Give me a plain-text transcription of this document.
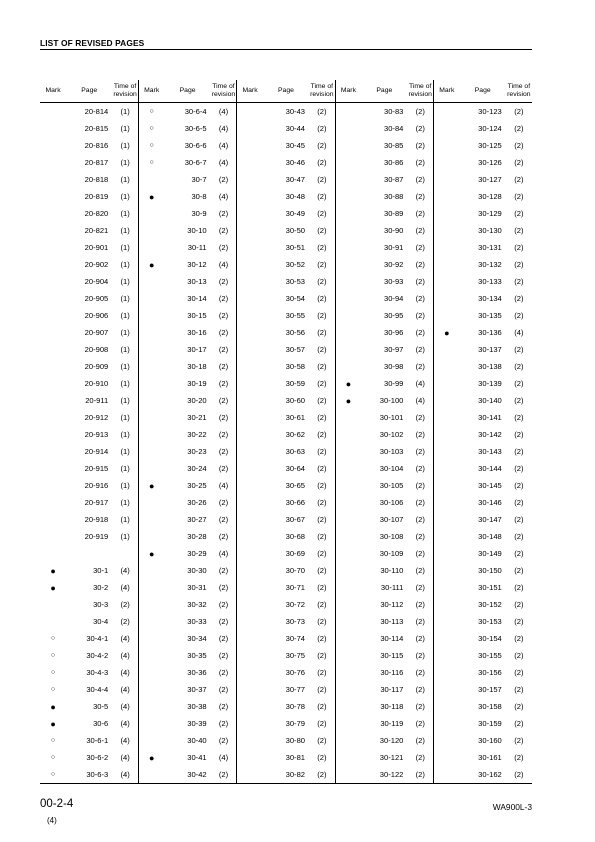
LIST OF REVISED PAGES
Mark	Page	Time of
revision	Mark	Page	Time of
revision	Mark	Page	Time of
revision	Mark	Page	Time of
revision	Mark	Page	Time of
revision
	20-814	(1)	○	30-6-4	(4)		30-43	(2)		30-83	(2)		30-123	(2)
	20-815	(1)	○	30-6-5	(4)		30-44	(2)		30-84	(2)		30-124	(2)
	20-816	(1)	○	30-6-6	(4)		30-45	(2)		30-85	(2)		30-125	(2)
	20-817	(1)	○	30-6-7	(4)		30-46	(2)		30-86	(2)		30-126	(2)
	20-818	(1)		30-7	(2)		30-47	(2)		30-87	(2)		30-127	(2)
	20-819	(1)	●	30-8	(4)		30-48	(2)		30-88	(2)		30-128	(2)
	20-820	(1)		30-9	(2)		30-49	(2)		30-89	(2)		30-129	(2)
	20-821	(1)		30-10	(2)		30-50	(2)		30-90	(2)		30-130	(2)
	20-901	(1)		30-11	(2)		30-51	(2)		30-91	(2)		30-131	(2)
	20-902	(1)	●	30-12	(4)		30-52	(2)		30-92	(2)		30-132	(2)
	20-904	(1)		30-13	(2)		30-53	(2)		30-93	(2)		30-133	(2)
	20-905	(1)		30-14	(2)		30-54	(2)		30-94	(2)		30-134	(2)
	20-906	(1)		30-15	(2)		30-55	(2)		30-95	(2)		30-135	(2)
	20-907	(1)		30-16	(2)		30-56	(2)		30-96	(2)	●	30-136	(4)
	20-908	(1)		30-17	(2)		30-57	(2)		30-97	(2)		30-137	(2)
	20-909	(1)		30-18	(2)		30-58	(2)		30-98	(2)		30-138	(2)
	20-910	(1)		30-19	(2)		30-59	(2)	●	30-99	(4)		30-139	(2)
	20-911	(1)		30-20	(2)		30-60	(2)	●	30-100	(4)		30-140	(2)
	20-912	(1)		30-21	(2)		30-61	(2)		30-101	(2)		30-141	(2)
	20-913	(1)		30-22	(2)		30-62	(2)		30-102	(2)		30-142	(2)
	20-914	(1)		30-23	(2)		30-63	(2)		30-103	(2)		30-143	(2)
	20-915	(1)		30-24	(2)		30-64	(2)		30-104	(2)		30-144	(2)
	20-916	(1)	●	30-25	(4)		30-65	(2)		30-105	(2)		30-145	(2)
	20-917	(1)		30-26	(2)		30-66	(2)		30-106	(2)		30-146	(2)
	20-918	(1)		30-27	(2)		30-67	(2)		30-107	(2)		30-147	(2)
	20-919	(1)		30-28	(2)		30-68	(2)		30-108	(2)		30-148	(2)
			●	30-29	(4)		30-69	(2)		30-109	(2)		30-149	(2)
●	30-1	(4)		30-30	(2)		30-70	(2)		30-110	(2)		30-150	(2)
●	30-2	(4)		30-31	(2)		30-71	(2)		30-111	(2)		30-151	(2)
	30-3	(2)		30-32	(2)		30-72	(2)		30-112	(2)		30-152	(2)
	30-4	(2)		30-33	(2)		30-73	(2)		30-113	(2)		30-153	(2)
○	30-4-1	(4)		30-34	(2)		30-74	(2)		30-114	(2)		30-154	(2)
○	30-4-2	(4)		30-35	(2)		30-75	(2)		30-115	(2)		30-155	(2)
○	30-4-3	(4)		30-36	(2)		30-76	(2)		30-116	(2)		30-156	(2)
○	30-4-4	(4)		30-37	(2)		30-77	(2)		30-117	(2)		30-157	(2)
●	30-5	(4)		30-38	(2)		30-78	(2)		30-118	(2)		30-158	(2)
●	30-6	(4)		30-39	(2)		30-79	(2)		30-119	(2)		30-159	(2)
○	30-6-1	(4)		30-40	(2)		30-80	(2)		30-120	(2)		30-160	(2)
○	30-6-2	(4)	●	30-41	(4)		30-81	(2)		30-121	(2)		30-161	(2)
○	30-6-3	(4)		30-42	(2)		30-82	(2)		30-122	(2)		30-162	(2)
00-2-4
(4)
WA900L-3
